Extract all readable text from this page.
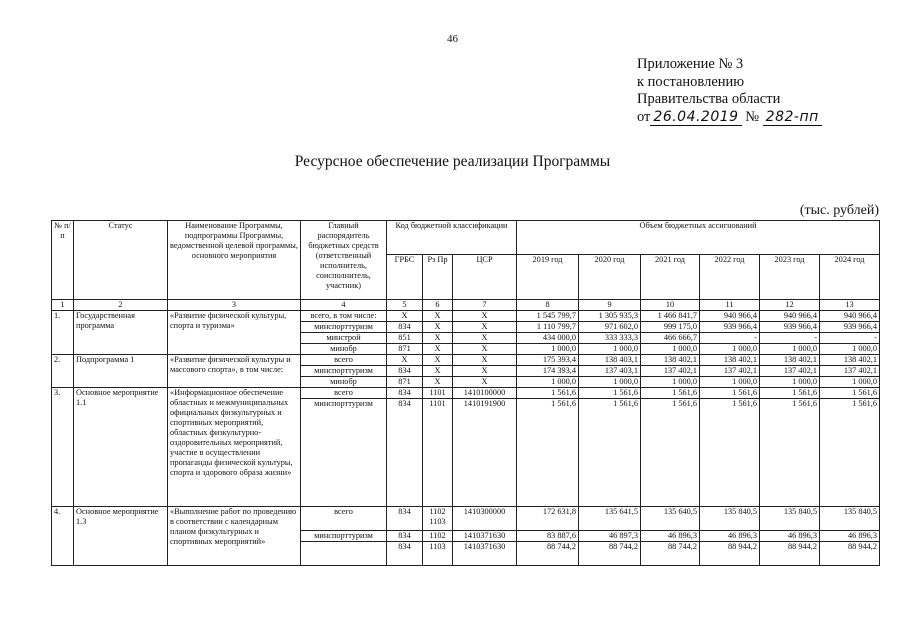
46
Приложение № 3
к постановлению
Правительства области
от 26.04.2019 № 282-пп
Ресурсное обеспечение реализации Программы
(тыс. рублей)
№ п/п	Статус	Наименование Программы, подпрограммы Программы, ведомственной целевой программы, основного мероприятия	Главный распорядитель бюджетных средств (ответственный исполнитель, соисполнитель, участник)	Код бюджетной классификации			Объем бюджетных ассигнований					
				ГРБС	Рз Пр	ЦСР	2019 год	2020 год	2021 год	2022 год	2023 год	2024 год
1	2	3	4	5	6	7	8	9	10	11	12	13
1.	Государственная программа	«Развитие физической культуры, спорта и туризма»	всего, в том числе:	Х	Х	Х	1 545 799,7	1 305 935,3	1 466 841,7	940 966,4	940 966,4	940 966,4
			минспорттуризм	834	Х	Х	1 110 799,7	971 602,0	999 175,0	939 966,4	939 966,4	939 966,4
			минстрой	851	Х	Х	434 000,0	333 333,3	466 666,7	-	-	-
			минобр	871	Х	Х	1 000,0	1 000,0	1 000,0	1 000,0	1 000,0	1 000,0
2.	Подпрограмма 1	«Развитие физической культуры и массового спорта», в том числе:	всего	Х	Х	Х	175 393,4	138 403,1	138 402,1	138 402,1	138 402,1	138 402,1
			минспорттуризм	834	Х	Х	174 393,4	137 403,1	137 402,1	137 402,1	137 402,1	137 402,1
			минобр	871	Х	Х	1 000,0	1 000,0	1 000,0	1 000,0	1 000,0	1 000,0
3.	Основное мероприятие 1.1	«Информационное обеспечение областных и межмуниципальных официальных физкультурных и спортивных мероприятий, областных физкультурно-оздоровительных мероприятий, участие в осуществлении пропаганды физической культуры, спорта и здорового образа жизни»	всего	834	1101	1410100000	1 561,6	1 561,6	1 561,6	1 561,6	1 561,6	1 561,6
			минспорттуризм	834	1101	1410191900	1 561,6	1 561,6	1 561,6	1 561,6	1 561,6	1 561,6
4.	Основное мероприятие 1.3	«Выполнение работ по проведению в соответствии с календарным планом физкультурных и спортивных мероприятий»	всего	834	1102 1103	1410300000	172 631,8	135 641,5	135 640,5	135 840,5	135 840,5	135 840,5
			минспорттуризм	834	1102	1410371630	83 887,6	46 897,3	46 896,3	46 896,3	46 896,3	46 896,3
				834	1103	1410371630	88 744,2	88 744,2	88 744,2	88 944,2	88 944,2	88 944,2
